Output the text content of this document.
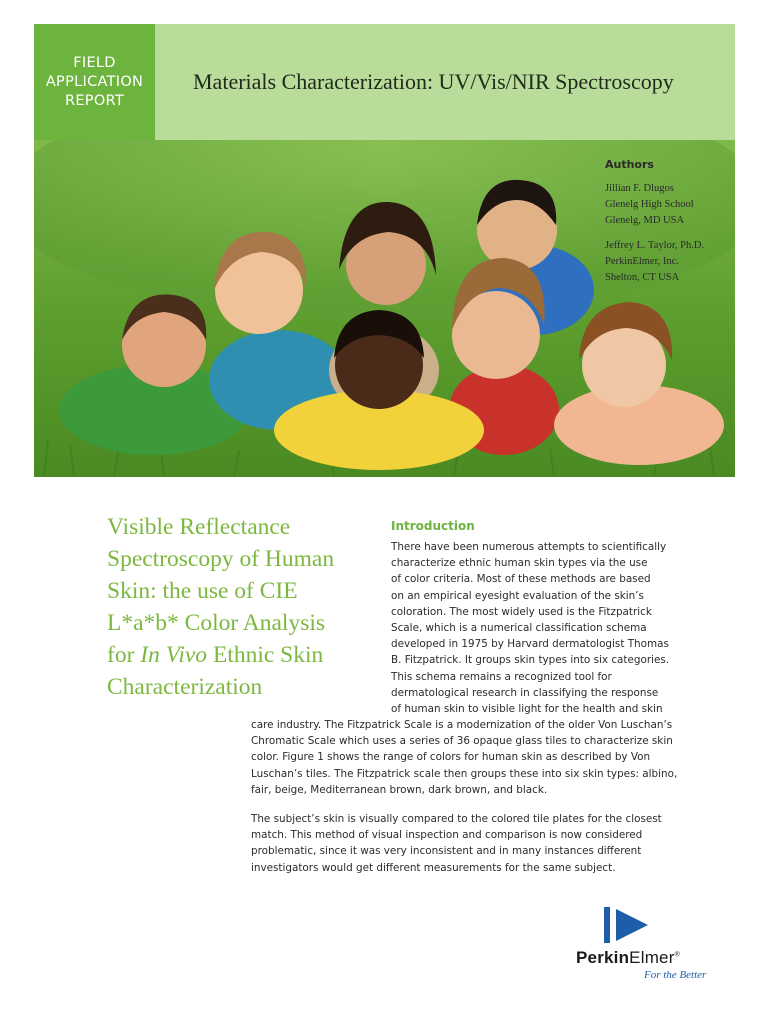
FIELD
APPLICATION
REPORT
Materials Characterization: UV/Vis/NIR Spectroscopy
Authors
Jillian F. Dlugos
Glenelg High School
Glenelg, MD USA
Jeffrey L. Taylor, Ph.D.
PerkinElmer, Inc.
Shelton, CT USA
Visible Reflectance
Spectroscopy of Human
Skin: the use of CIE
L*a*b* Color Analysis
for In Vivo Ethnic Skin
Characterization
Introduction
There have been numerous attempts to scientifically
characterize ethnic human skin types via the use
of color criteria. Most of these methods are based
on an empirical eyesight evaluation of the skin’s
coloration. The most widely used is the Fitzpatrick
Scale, which is a numerical classification schema
developed in 1975 by Harvard dermatologist Thomas
B. Fitzpatrick. It groups skin types into six categories.
This schema remains a recognized tool for
dermatological research in classifying the response
of human skin to visible light for the health and skin
care industry. The Fitzpatrick Scale is a modernization of the older Von Luschan’s
Chromatic Scale which uses a series of 36 opaque glass tiles to characterize skin
color. Figure 1 shows the range of colors for human skin as described by Von
Luschan’s tiles. The Fitzpatrick scale then groups these into six skin types: albino,
fair, beige, Mediterranean brown, dark brown, and black.
The subject’s skin is visually compared to the colored tile plates for the closest
match. This method of visual inspection and comparison is now considered
problematic, since it was very inconsistent and in many instances different
investigators would get different measurements for the same subject.
PerkinElmer®
For the Better
